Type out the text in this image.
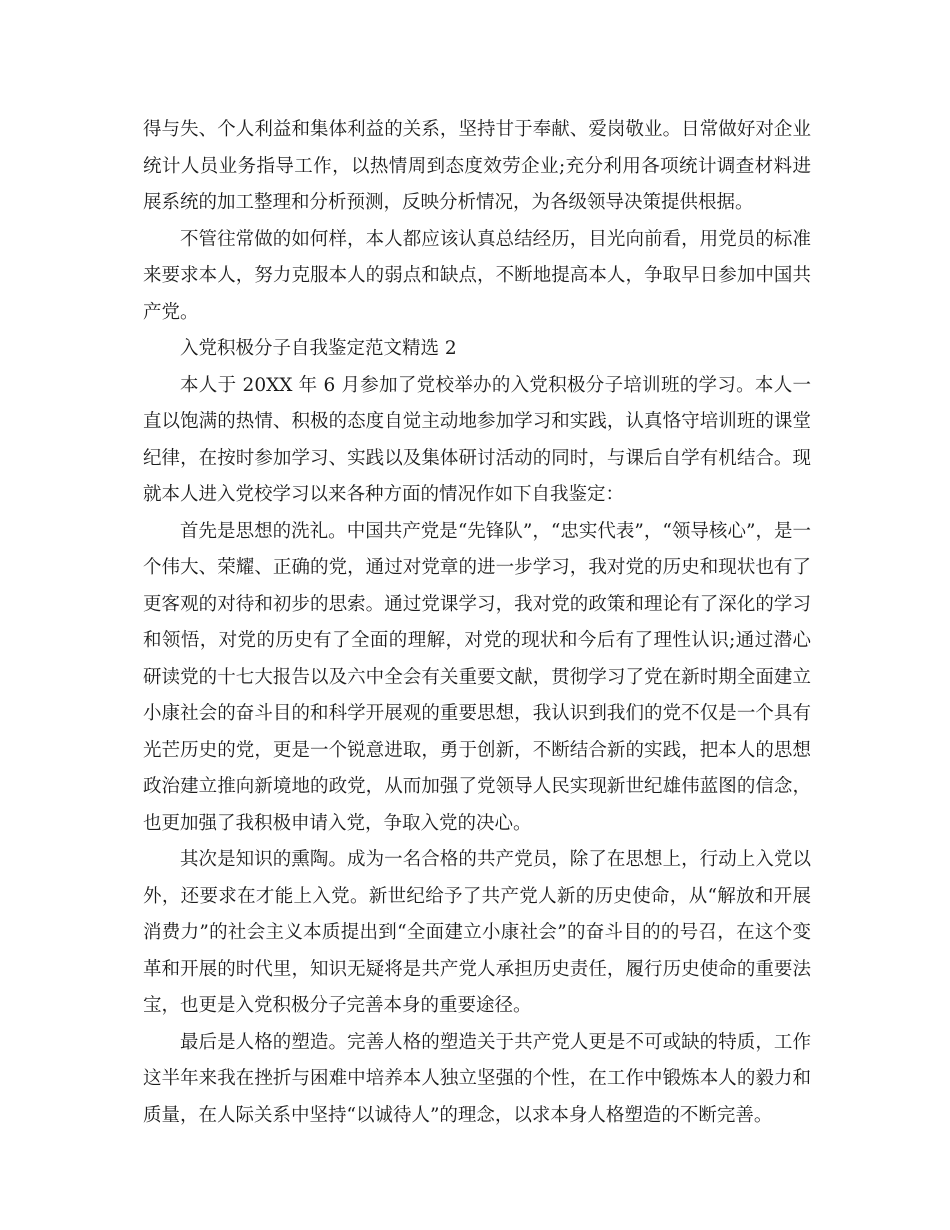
得与失、个人利益和集体利益的关系，坚持甘于奉献、爱岗敬业。日常做好对企业统计人员业务指导工作，以热情周到态度效劳企业;充分利用各项统计调查材料进展系统的加工整理和分析预测，反映分析情况，为各级领导决策提供根据。

不管往常做的如何样，本人都应该认真总结经历，目光向前看，用党员的标准来要求本人，努力克服本人的弱点和缺点，不断地提高本人，争取早日参加中国共产党。

入党积极分子自我鉴定范文精选 2

本人于 20XX 年 6 月参加了党校举办的入党积极分子培训班的学习。本人一直以饱满的热情、积极的态度自觉主动地参加学习和实践，认真恪守培训班的课堂纪律，在按时参加学习、实践以及集体研讨活动的同时，与课后自学有机结合。现就本人进入党校学习以来各种方面的情况作如下自我鉴定：

首先是思想的洗礼。中国共产党是“先锋队”，“忠实代表”，“领导核心”，是一个伟大、荣耀、正确的党，通过对党章的进一步学习，我对党的历史和现状也有了更客观的对待和初步的思索。通过党课学习，我对党的政策和理论有了深化的学习和领悟，对党的历史有了全面的理解，对党的现状和今后有了理性认识;通过潜心研读党的十七大报告以及六中全会有关重要文献，贯彻学习了党在新时期全面建立小康社会的奋斗目的和科学开展观的重要思想，我认识到我们的党不仅是一个具有光芒历史的党，更是一个锐意进取，勇于创新，不断结合新的实践，把本人的思想政治建立推向新境地的政党，从而加强了党领导人民实现新世纪雄伟蓝图的信念，也更加强了我积极申请入党，争取入党的决心。

其次是知识的熏陶。成为一名合格的共产党员，除了在思想上，行动上入党以外，还要求在才能上入党。新世纪给予了共产党人新的历史使命，从“解放和开展消费力”的社会主义本质提出到“全面建立小康社会”的奋斗目的的号召，在这个变革和开展的时代里，知识无疑将是共产党人承担历史责任，履行历史使命的重要法宝，也更是入党积极分子完善本身的重要途径。

最后是人格的塑造。完善人格的塑造关于共产党人更是不可或缺的特质，工作这半年来我在挫折与困难中培养本人独立坚强的个性，在工作中锻炼本人的毅力和质量，在人际关系中坚持“以诚待人”的理念，以求本身人格塑造的不断完善。
